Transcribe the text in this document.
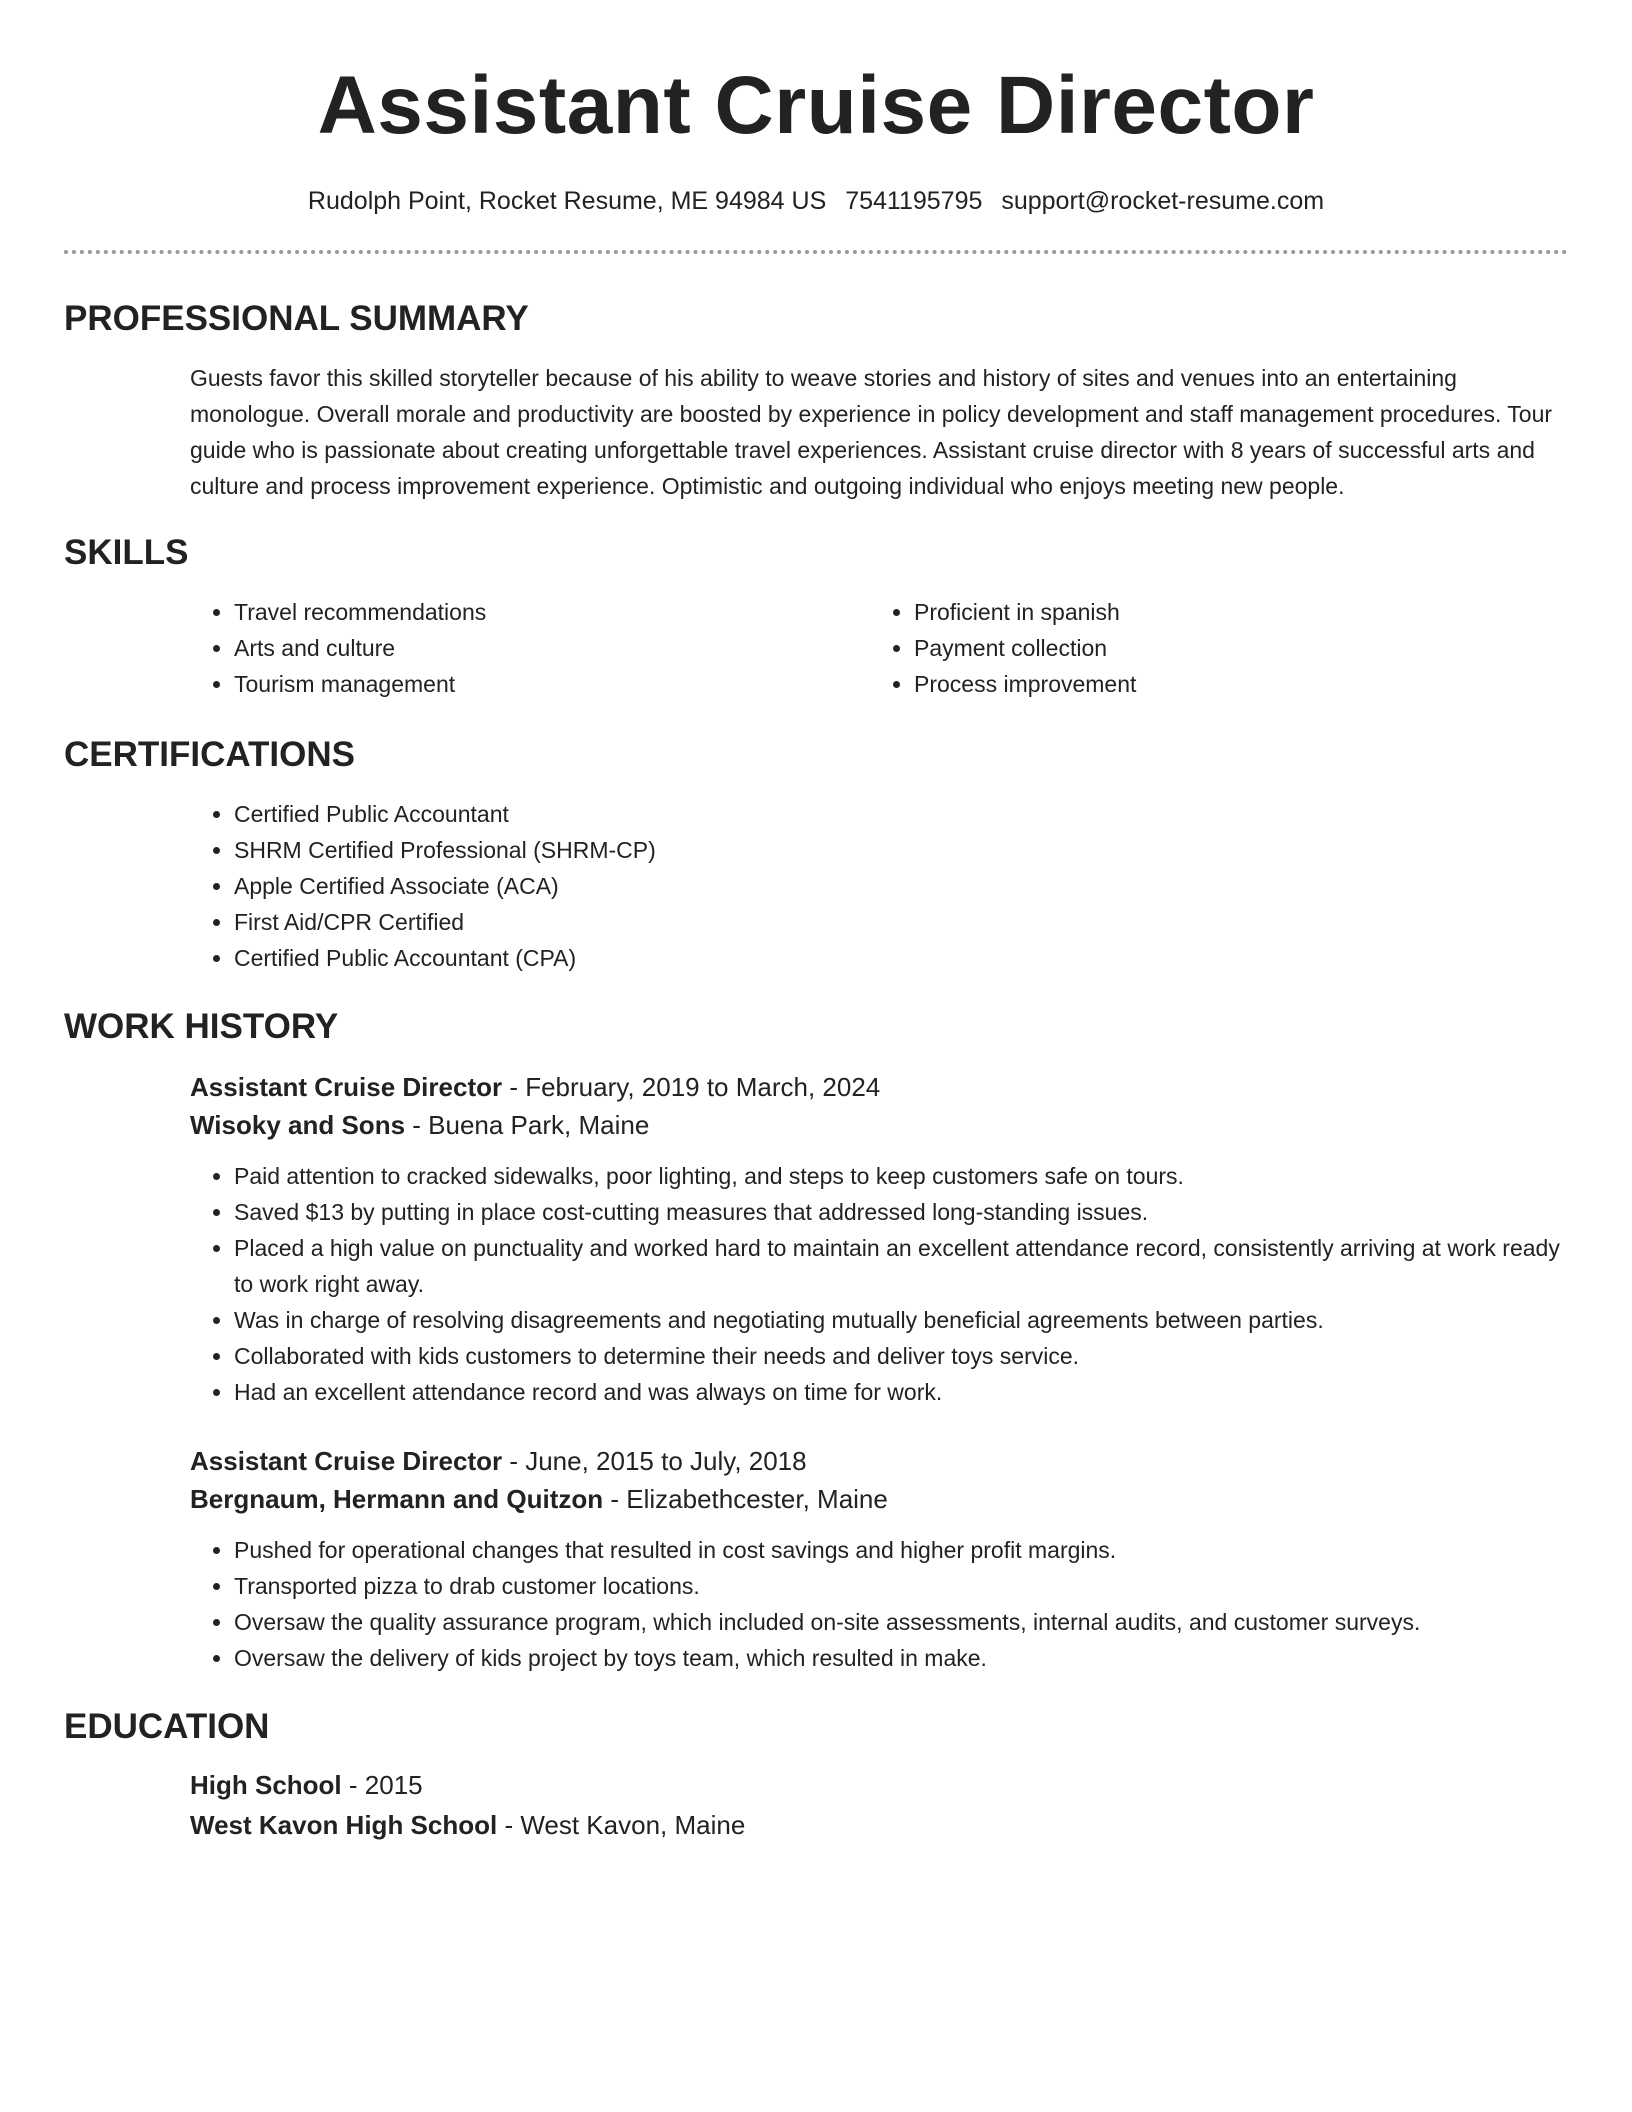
Assistant Cruise Director
Rudolph Point, Rocket Resume, ME 94984 US 7541195795 support@rocket-resume.com
PROFESSIONAL SUMMARY

Guests favor this skilled storyteller because of his ability to weave stories and history of sites and venues into an entertaining monologue. Overall morale and productivity are boosted by experience in policy development and staff management procedures. Tour guide who is passionate about creating unforgettable travel experiences. Assistant cruise director with 8 years of successful arts and culture and process improvement experience. Optimistic and outgoing individual who enjoys meeting new people.

SKILLS
• Travel recommendations
• Arts and culture
• Tourism management
• Proficient in spanish
• Payment collection
• Process improvement
CERTIFICATIONS
• Certified Public Accountant
• SHRM Certified Professional (SHRM-CP)
• Apple Certified Associate (ACA)
• First Aid/CPR Certified
• Certified Public Accountant (CPA)
WORK HISTORY
Assistant Cruise Director - February, 2019 to March, 2024
Wisoky and Sons - Buena Park, Maine
• Paid attention to cracked sidewalks, poor lighting, and steps to keep customers safe on tours.
• Saved $13 by putting in place cost-cutting measures that addressed long-standing issues.
• Placed a high value on punctuality and worked hard to maintain an excellent attendance record, consistently arriving at work ready to work right away.
• Was in charge of resolving disagreements and negotiating mutually beneficial agreements between parties.
• Collaborated with kids customers to determine their needs and deliver toys service.
• Had an excellent attendance record and was always on time for work.
Assistant Cruise Director - June, 2015 to July, 2018
Bergnaum, Hermann and Quitzon - Elizabethcester, Maine
• Pushed for operational changes that resulted in cost savings and higher profit margins.
• Transported pizza to drab customer locations.
• Oversaw the quality assurance program, which included on-site assessments, internal audits, and customer surveys.
• Oversaw the delivery of kids project by toys team, which resulted in make.
EDUCATION
High School - 2015
West Kavon High School - West Kavon, Maine
